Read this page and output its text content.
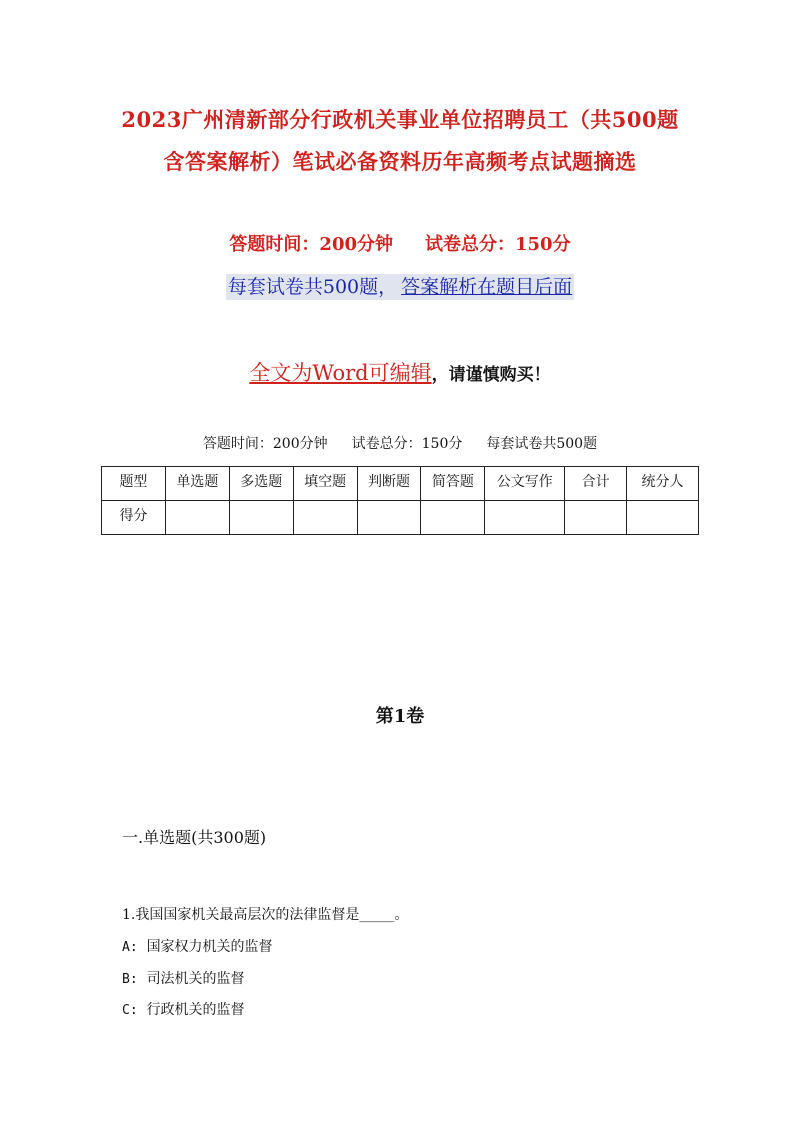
2023广州清新部分行政机关事业单位招聘员工（共500题
含答案解析）笔试必备资料历年高频考点试题摘选
答题时间：200分钟 试卷总分：150分
每套试卷共500题， 答案解析在题目后面
全文为Word可编辑，请谨慎购买！
答题时间：200分钟 试卷总分：150分 每套试卷共500题
题型	单选题	多选题	填空题	判断题	简答题	公文写作	合计	统分人
得分								
第1卷
一.单选题(共300题)
1.我国国家机关最高层次的法律监督是_____。
A: 国家权力机关的监督
B: 司法机关的监督
C: 行政机关的监督
